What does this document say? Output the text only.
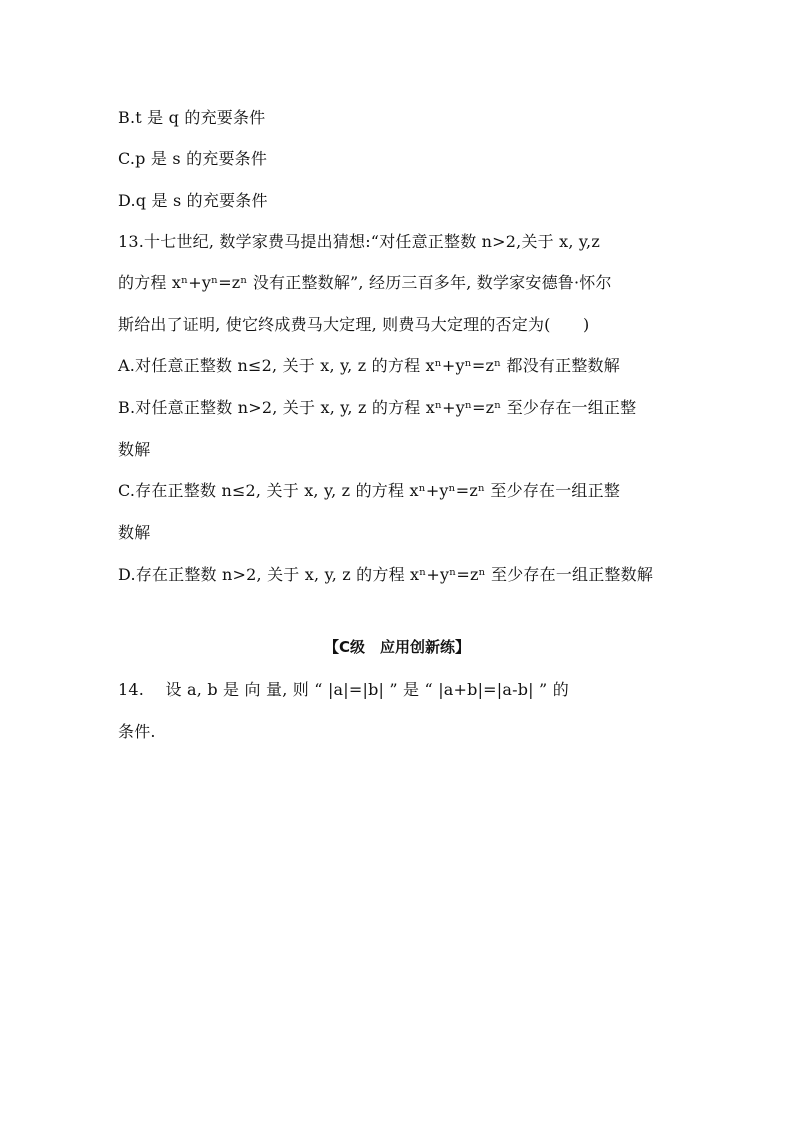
B.t 是 q 的充要条件
C.p 是 s 的充要条件
D.q 是 s 的充要条件
13.十七世纪, 数学家费马提出猜想:“对任意正整数 n>2,关于 x, y,z
的方程 xⁿ+yⁿ=zⁿ 没有正整数解”, 经历三百多年, 数学家安德鲁·怀尔
斯给出了证明, 使它终成费马大定理, 则费马大定理的否定为(　　)
A.对任意正整数 n≤2, 关于 x, y, z 的方程 xⁿ+yⁿ=zⁿ 都没有正整数解
B.对任意正整数 n>2, 关于 x, y, z 的方程 xⁿ+yⁿ=zⁿ 至少存在一组正整
数解
C.存在正整数 n≤2, 关于 x, y, z 的方程 xⁿ+yⁿ=zⁿ 至少存在一组正整
数解
D.存在正整数 n>2, 关于 x, y, z 的方程 xⁿ+yⁿ=zⁿ 至少存在一组正整数解
【C级　应用创新练】
14.　 设 a, b 是 向 量, 则 “ |a|=|b| ” 是 “ |a+b|=|a-b| ” 的
条件.
